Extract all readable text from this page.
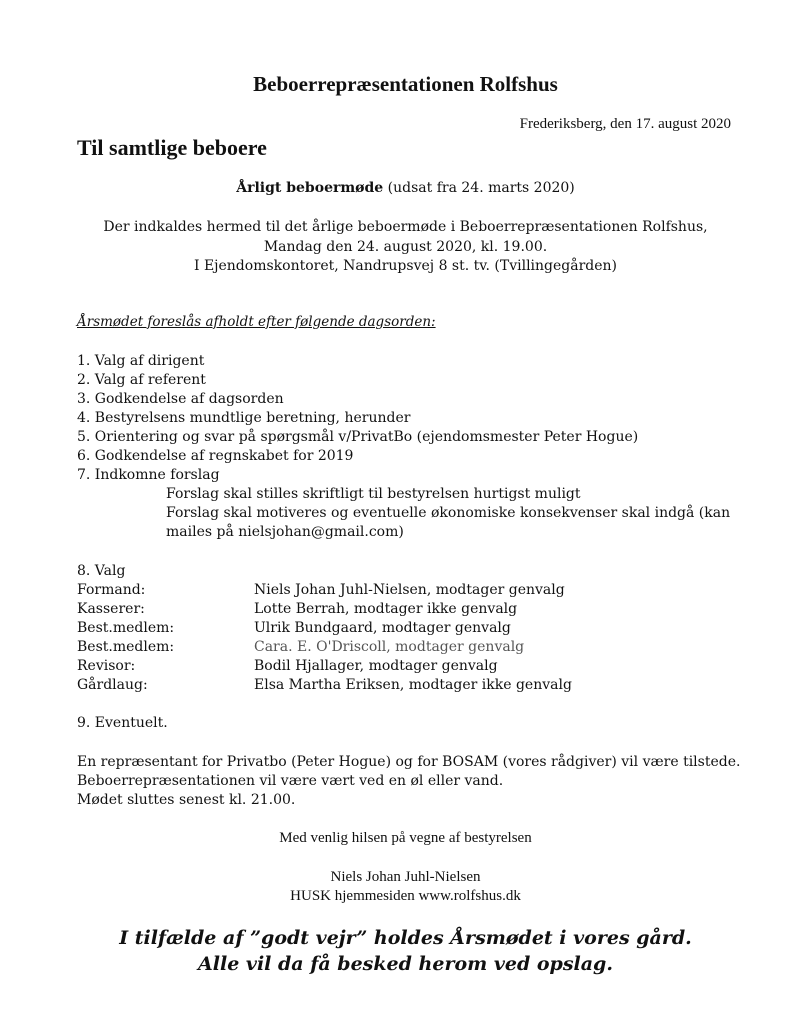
Beboerrepræsentationen Rolfshus
Frederiksberg, den 17. august 2020
Til samtlige beboere
Årligt beboermøde (udsat fra 24. marts 2020)
Der indkaldes hermed til det årlige beboermøde i Beboerrepræsentationen Rolfshus,
Mandag den 24. august 2020, kl. 19.00.
I Ejendomskontoret, Nandrupsvej 8 st. tv. (Tvillingegården)
Årsmødet foreslås afholdt efter følgende dagsorden:
1. Valg af dirigent
2. Valg af referent
3. Godkendelse af dagsorden
4. Bestyrelsens mundtlige beretning, herunder
5. Orientering og svar på spørgsmål v/PrivatBo (ejendomsmester Peter Hogue)
6. Godkendelse af regnskabet for 2019
7. Indkomne forslag
Forslag skal stilles skriftligt til bestyrelsen hurtigst muligt
Forslag skal motiveres og eventuelle økonomiske konsekvenser skal indgå (kan
mailes på nielsjohan@gmail.com)
8. Valg
Formand:	Niels Johan Juhl-Nielsen, modtager genvalg
Kasserer:	Lotte Berrah, modtager ikke genvalg
Best.medlem:	Ulrik Bundgaard, modtager genvalg
Best.medlem:	Cara. E. O'Driscoll, modtager genvalg
Revisor:	Bodil Hjallager, modtager genvalg
Gårdlaug:	Elsa Martha Eriksen, modtager ikke genvalg
9. Eventuelt.
En repræsentant for Privatbo (Peter Hogue) og for BOSAM (vores rådgiver) vil være tilstede.
Beboerrepræsentationen vil være vært ved en øl eller vand.
Mødet sluttes senest kl. 21.00.
Med venlig hilsen på vegne af bestyrelsen
Niels Johan Juhl-Nielsen
HUSK hjemmesiden www.rolfshus.dk
I tilfælde af ”godt vejr” holdes Årsmødet i vores gård.
Alle vil da få besked herom ved opslag.
